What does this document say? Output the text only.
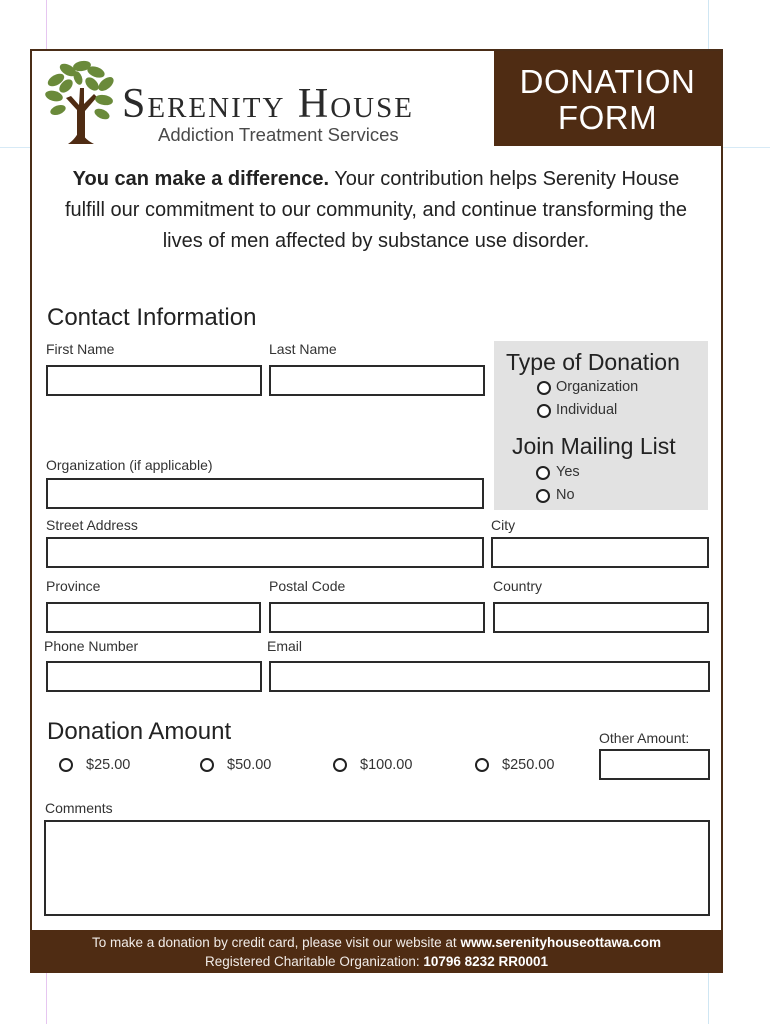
Serenity House
Addiction Treatment Services
DONATION
FORM
You can make a difference. Your contribution helps Serenity House fulfill our commitment to our community, and continue transforming the lives of men affected by substance use disorder.
Contact Information
First Name	Last Name
Organization (if applicable)
Street Address	City
Province	Postal Code	Country
Phone Number	Email
Type of Donation
Organization
Individual
Join Mailing List
Yes
No
Donation Amount	Other Amount:
$25.00	$50.00	$100.00	$250.00
Comments
To make a donation by credit card, please visit our website at www.serenityhouseottawa.com
Registered Charitable Organization: 10796 8232 RR0001
